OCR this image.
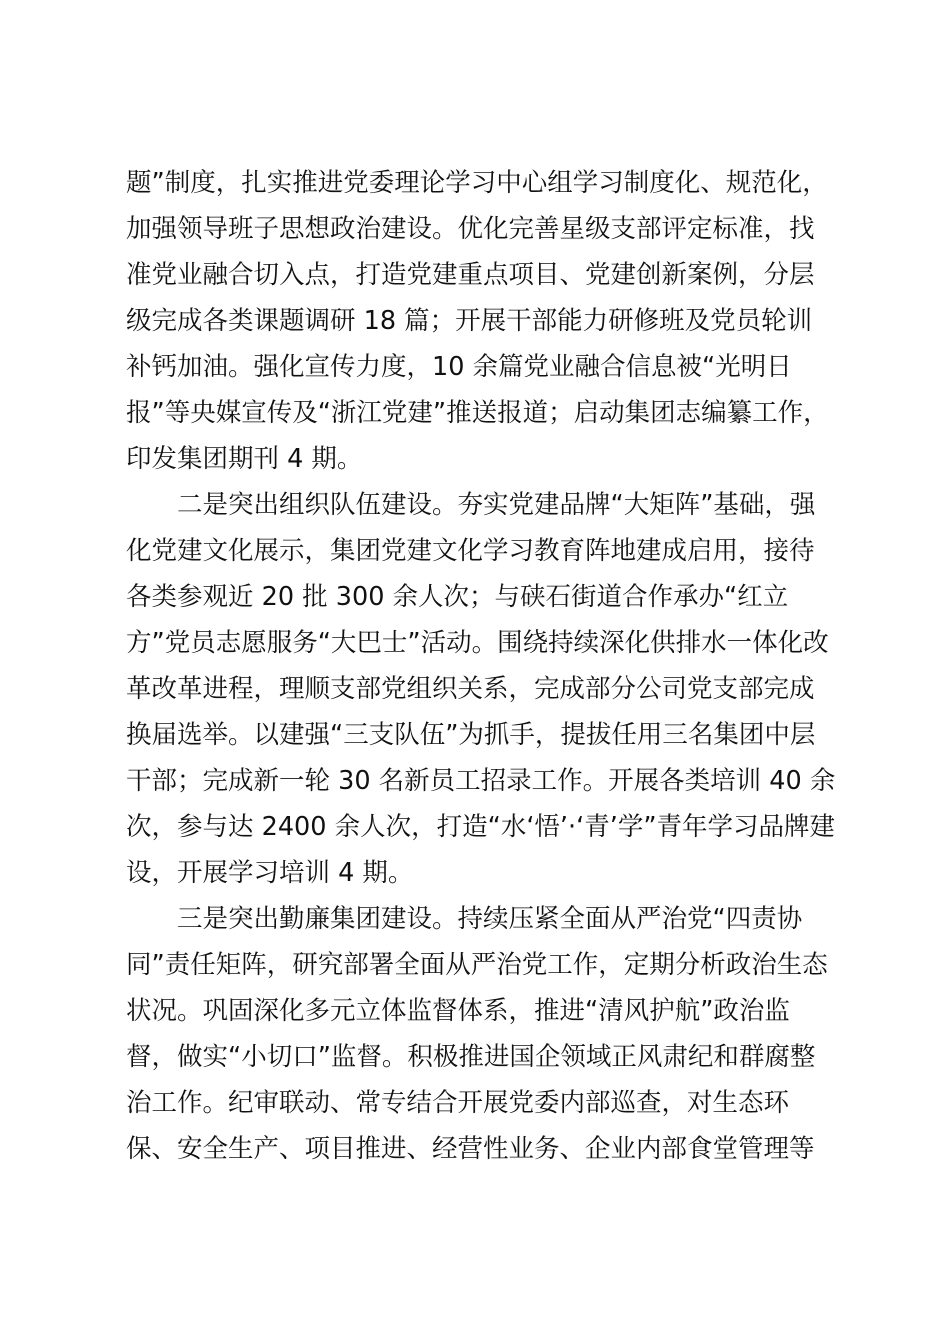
题”制度，扎实推进党委理论学习中心组学习制度化、规范化，
加强领导班子思想政治建设。优化完善星级支部评定标准，找
准党业融合切入点，打造党建重点项目、党建创新案例，分层
级完成各类课题调研 18 篇；开展干部能力研修班及党员轮训
补钙加油。强化宣传力度，10 余篇党业融合信息被“光明日
报”等央媒宣传及“浙江党建”推送报道；启动集团志编纂工作，
印发集团期刊 4 期。
　　二是突出组织队伍建设。夯实党建品牌“大矩阵”基础，强
化党建文化展示，集团党建文化学习教育阵地建成启用，接待
各类参观近 20 批 300 余人次；与硖石街道合作承办“红立
方”党员志愿服务“大巴士”活动。围绕持续深化供排水一体化改
革改革进程，理顺支部党组织关系，完成部分公司党支部完成
换届选举。以建强“三支队伍”为抓手，提拔任用三名集团中层
干部；完成新一轮 30 名新员工招录工作。开展各类培训 40 余
次，参与达 2400 余人次，打造“水‘悟’·‘青’学”青年学习品牌建
设，开展学习培训 4 期。
　　三是突出勤廉集团建设。持续压紧全面从严治党“四责协
同”责任矩阵，研究部署全面从严治党工作，定期分析政治生态
状况。巩固深化多元立体监督体系，推进“清风护航”政治监
督，做实“小切口”监督。积极推进国企领域正风肃纪和群腐整
治工作。纪审联动、常专结合开展党委内部巡查，对生态环
保、安全生产、项目推进、经营性业务、企业内部食堂管理等
